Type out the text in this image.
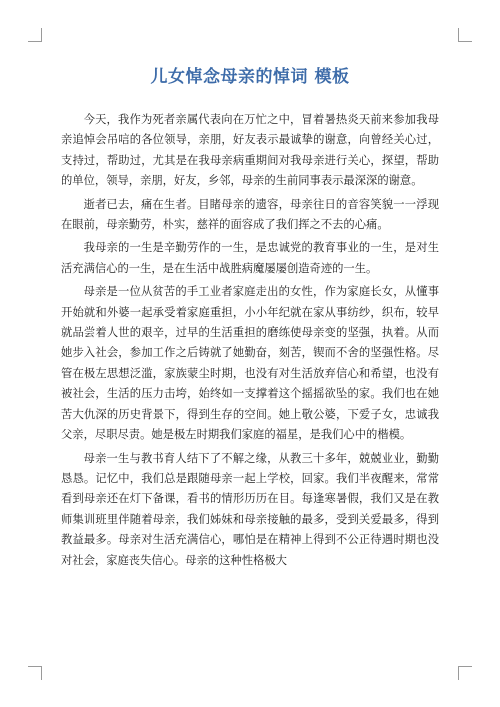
儿女悼念母亲的悼词 模板

今天，我作为死者亲属代表向在万忙之中，冒着暑热炎天前来参加我母亲追悼会吊唁的各位领导，亲朋，好友表示最诚挚的谢意，向曾经关心过，支持过，帮助过，尤其是在我母亲病重期间对我母亲进行关心，探望，帮助的单位，领导，亲朋，好友，乡邻，母亲的生前同事表示最深深的谢意。

逝者已去，痛在生者。目睹母亲的遗容，母亲往日的音容笑貌一一浮现在眼前，母亲勤劳，朴实，慈祥的面容成了我们挥之不去的心痛。

我母亲的一生是辛勤劳作的一生，是忠诚党的教育事业的一生，是对生活充满信心的一生，是在生活中战胜病魔屡屡创造奇迹的一生。

母亲是一位从贫苦的手工业者家庭走出的女性，作为家庭长女，从懂事开始就和外婆一起承受着家庭重担，小小年纪就在家从事纺纱，织布，较早就品尝着人世的艰辛，过早的生活重担的磨练使母亲变的坚强，执着。从而她步入社会，参加工作之后铸就了她勤奋，刻苦，锲而不舍的坚强性格。尽管在极左思想泛滥，家族蒙尘时期，也没有对生活放弃信心和希望，也没有被社会，生活的压力击垮，始终如一支撑着这个摇摇欲坠的家。我们也在她苦大仇深的历史背景下，得到生存的空间。她上敬公婆，下爱子女，忠诚我父亲，尽职尽责。她是极左时期我们家庭的福星，是我们心中的楷模。

母亲一生与教书育人结下了不解之缘，从教三十多年，兢兢业业，勤勤恳恳。记忆中，我们总是跟随母亲一起上学校，回家。我们半夜醒来，常常看到母亲还在灯下备课，看书的情形历历在目。每逢寒暑假，我们又是在教师集训班里伴随着母亲，我们姊妹和母亲接触的最多，受到关爱最多，得到教益最多。母亲对生活充满信心，哪怕是在精神上得到不公正待遇时期也没对社会，家庭丧失信心。母亲的这种性格极大
